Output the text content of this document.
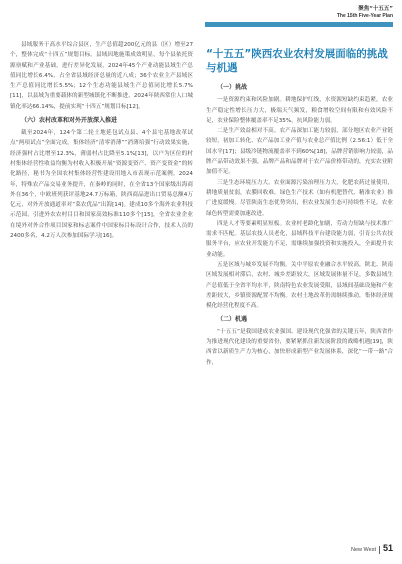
聚焦“十五五”
The 15th Five-Year Plan

县域服务于高水平综合县区，生产总值超200亿元的县（区）增至27个，整体完成“十四五”规划目标。县域因地施策成效明显，每个县依托资源禀赋和产业基础，进行差异化发展，2024年45个产业动能县域生产总值同比增长6.4%，占全省县域经济总量的近八成；36个农业主产县域区生产总值同比增长5.5%；12个生态功能县域生产总值同比增长5.7%[11]，以县域为重要载体的新型城镇化不断推进，2024年陕西常住人口城镇化率达66.14%，提前实现“十四五”规划目标[12]。

（六）农村改革和对外开放深入推进

截至2024年，124个第二轮土地延包试点县、4个县宅基地改革试点“两项试点”全面完成。集体经济“清零消薄”“消薄培强”行动效果实施，经济强村占比增至12.3%，薄弱村占比降至5.1%[13]，以户为区位的村村集体经营性收益均衡为村收入积极开展“资源变资产、资产变资金”的转化路径，秘书为全国农村集体经营性建设用地入市表现示范案例。2024年，特殊农产品交易业务提升，在秦岭的同时，在全省13个国家级出海商外在36个，中欧班列获评基地24.7万标箱，陕西商品进出口贸易总额4万亿元，对外开放通道率对“菜农优品”出海[14]。建成10多个海外农业科技示范园，引进外农农村目目和国家高效标准110多个[15]，全省农业企业在境外对外合作项目国家和标志案件中国家标目标设计合作，技术人员的2400多名，4.2万人次参加国际学习[16]。

“十五五”陕西农业农村发展面临的挑战与机遇
（一）挑战

一是资源约束和风险加剧。耕地保护红线，水资源短缺约束趋紧，农业生产稳定性增长压力大，极端天气频发，粮食增收空间有限和有效风险不足，农业保险整体覆盖率不足35%，抗风险能力弱。

二是生产效益相对不高。农产品深加工能力较弱，部分地区农业产业链较短，初加工转化、农产品加工业产值与农业总产值比例（2.56:1）低于全国水平[17]；县级冷链物流覆盖率不到60%[18]，品牌营销影响力较弱，品牌产品带动效果不强，品牌产品和品牌对于农产品价格带动的，充实农业附加值不足。

三是生态环境压力大。农业面源污染治理压力大，化肥农药过量使用，耕地质量贫弱，农膜回收难，绿色生产技术（如有机肥替代、精准农业）推广进度缓慢。尽管陕南生态优势突出，但农业发展生态可持续性不足，农业绿色转型需要加速改进。

四是人才等要素明显短板。农业村老龄化加剧，劳动力短缺与技术推广需求不匹配。基层农技人员老化，县域科技平台建设能力弱，引育公共农技服务平台，应农业开发能力不足，需继续加强投资和实施投入，全面提升农业动能。

五是区域与城乡发展不均衡。关中平原农业融合水平较高，陕北、陕南区域发展相对滞后，农村、城乡差距较大，区域发展体量不足，多数县域生产总值低于全省平均水平，陕南特色农业发展受限，县域间基础设施和产业差距较大，乡镇资源配置不均衡。农村土地改革仍需继续推动，集体经济规模化经营化程度不高。

（二）机遇

“十五五”是我国建成农业强国、建设现代化强省的关键五年，陕西省作为推进现代化建设的重要省份，要紧紧抓住新发展阶段的战略机遇[19]，陕西省以新质生产力为核心，加快形成新型产业发展体系，深化“一带一路”合作，

New West 51
